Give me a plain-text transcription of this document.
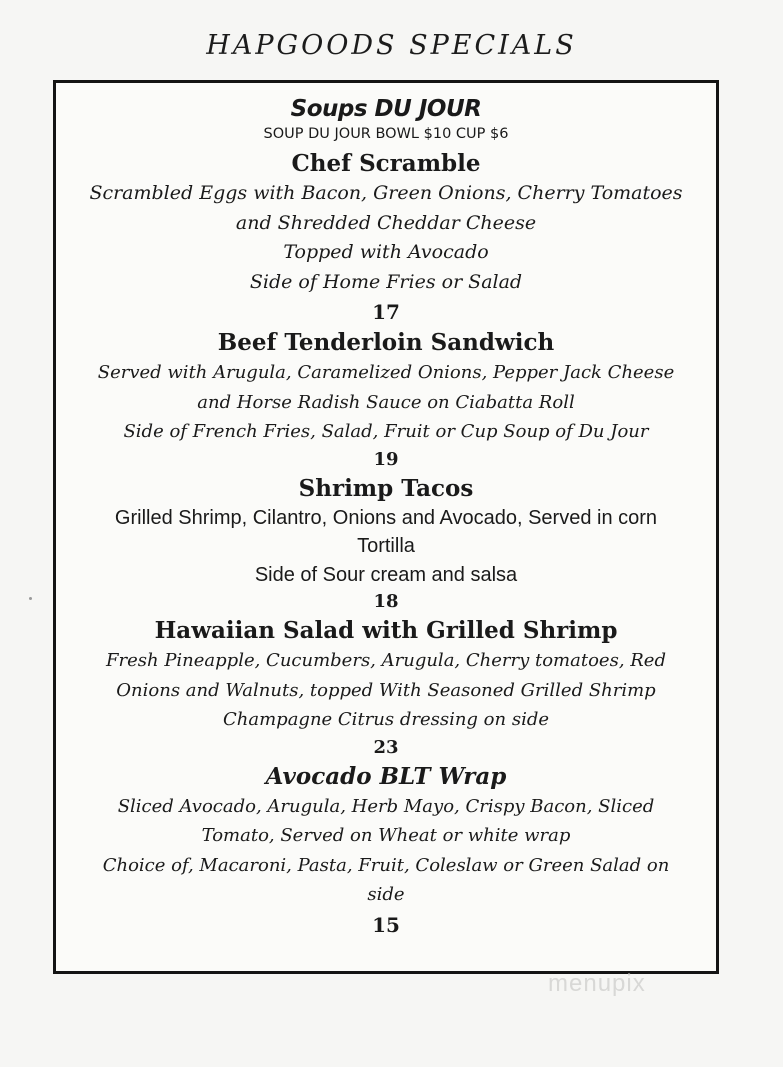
HAPGOODS SPECIALS
Soups DU JOUR
SOUP DU JOUR BOWL $10 CUP $6
Chef Scramble
Scrambled Eggs with Bacon, Green Onions, Cherry Tomatoes
and Shredded Cheddar Cheese
Topped with Avocado
Side of Home Fries or Salad
17
Beef Tenderloin Sandwich
Served with Arugula, Caramelized Onions, Pepper Jack Cheese
and Horse Radish Sauce on Ciabatta Roll
Side of French Fries, Salad, Fruit or Cup Soup of Du Jour
19
Shrimp Tacos
Grilled Shrimp, Cilantro, Onions and Avocado, Served in corn
Tortilla
Side of Sour cream and salsa
18
Hawaiian Salad with Grilled Shrimp
Fresh Pineapple, Cucumbers, Arugula, Cherry tomatoes, Red
Onions and Walnuts, topped With Seasoned Grilled Shrimp
Champagne Citrus dressing on side
23
Avocado BLT Wrap
Sliced Avocado, Arugula, Herb Mayo, Crispy Bacon, Sliced
Tomato, Served on Wheat or white wrap
Choice of, Macaroni, Pasta, Fruit, Coleslaw or Green Salad on
side
15
menupix
